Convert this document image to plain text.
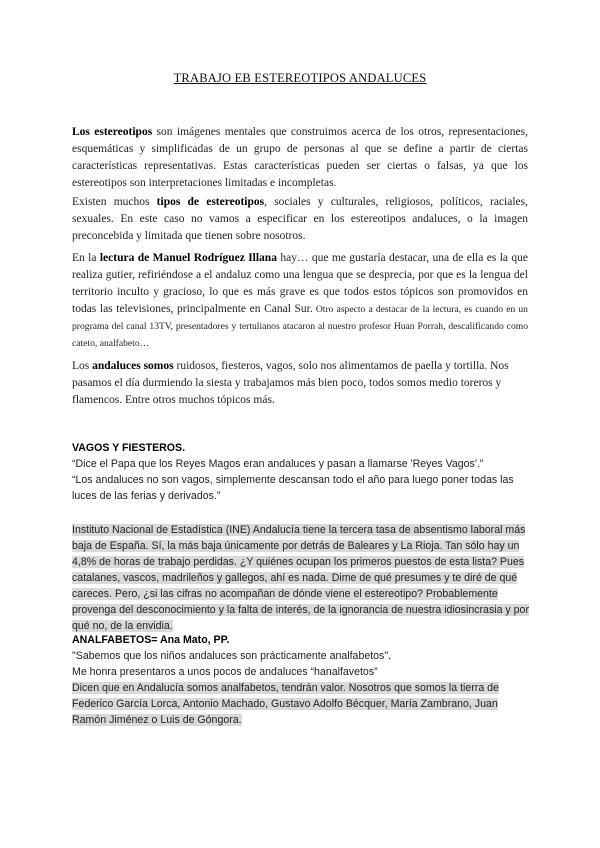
TRABAJO EB ESTEREOTIPOS ANDALUCES
Los estereotipos son imágenes mentales que construimos acerca de los otros, representaciones, esquemáticas y simplificadas de un grupo de personas al que se define a partir de ciertas características representativas. Estas características pueden ser ciertas o falsas, ya que los estereotipos son interpretaciones limitadas e incompletas.
Existen muchos tipos de estereotipos, sociales y culturales, religiosos, políticos, raciales, sexuales. En este caso no vamos a especificar en los estereotipos andaluces, o la imagen preconcebida y limitada que tienen sobre nosotros.
En la lectura de Manuel Rodríguez Illana hay… que me gustaría destacar, una de ella es la que realiza gutier, refiriéndose a el andaluz como una lengua que se desprecia, por que es la lengua del territorio inculto y gracioso, lo que es más grave es que todos estos tópicos son promovidos en todas las televisiones, principalmente en Canal Sur. Otro aspecto a destacar de la lectura, es cuando en un programa del canal 13TV, presentadores y tertulianos atacaron al nuestro profesor Huan Porrah, descalificando como cateto, analfabeto…
Los andaluces somos ruidosos, fiesteros, vagos, solo nos alimentamos de paella y tortilla. Nos pasamos el día durmiendo la siesta y trabajamos más bien poco, todos somos medio toreros y flamencos. Entre otros muchos tópicos más.
VAGOS Y FIESTEROS.
“Dice el Papa que los Reyes Magos eran andaluces y pasan a llamarse 'Reyes Vagos'.”
“Los andaluces no son vagos, simplemente descansan todo el año para luego poner todas las luces de las ferias y derivados.”
Instituto Nacional de Estadística (INE) Andalucía tiene la tercera tasa de absentismo laboral más baja de España. Sí, la más baja únicamente por detrás de Baleares y La Rioja. Tan sólo hay un 4,8% de horas de trabajo perdidas. ¿Y quiénes ocupan los primeros puestos de esta lista? Pues catalanes, vascos, madrileños y gallegos, ahí es nada. Dime de qué presumes y te diré de qué careces. Pero, ¿si las cifras no acompañan de dónde viene el estereotipo? Probablemente provenga del desconocimiento y la falta de interés, de la ignorancia de nuestra idiosincrasia y por qué no, de la envidia.
ANALFABETOS= Ana Mato, PP.
"Sabemos que los niños andaluces son prácticamente analfabetos".
Me honra presentaros a unos pocos de andaluces “hanalfavetos”
Dicen que en Andalucía somos analfabetos, tendrán valor. Nosotros que somos la tierra de Federico García Lorca, Antonio Machado, Gustavo Adolfo Bécquer, María Zambrano, Juan Ramón Jiménez o Luis de Góngora.
